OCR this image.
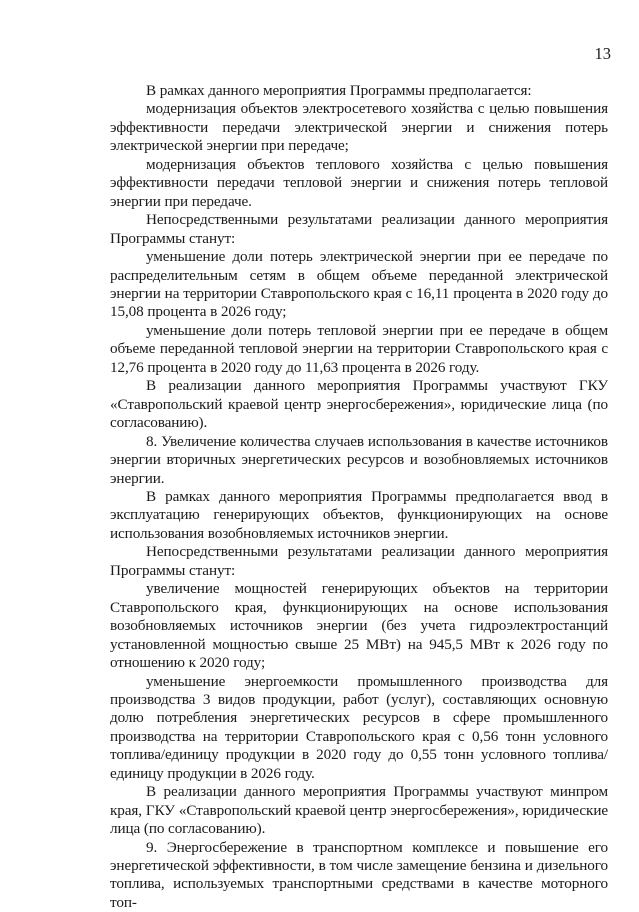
13

В рамках данного мероприятия Программы предполагается:

модернизация объектов электросетевого хозяйства с целью повышения эффективности передачи электрической энергии и снижения потерь электрической энергии при передаче;

модернизация объектов теплового хозяйства с целью повышения эффективности передачи тепловой энергии и снижения потерь тепловой энергии при передаче.

Непосредственными результатами реализации данного мероприятия Программы станут:

уменьшение доли потерь электрической энергии при ее передаче по распределительным сетям в общем объеме переданной электрической энергии на территории Ставропольского края с 16,11 процента в 2020 году до 15,08 процента в 2026 году;

уменьшение доли потерь тепловой энергии при ее передаче в общем объеме переданной тепловой энергии на территории Ставропольского края с 12,76 процента в 2020 году до 11,63 процента в 2026 году.

В реализации данного мероприятия Программы участвуют ГКУ «Ставропольский краевой центр энергосбережения», юридические лица (по согласованию).

8. Увеличение количества случаев использования в качестве источников энергии вторичных энергетических ресурсов и возобновляемых источников энергии.

В рамках данного мероприятия Программы предполагается ввод в эксплуатацию генерирующих объектов, функционирующих на основе использования возобновляемых источников энергии.

Непосредственными результатами реализации данного мероприятия Программы станут:

увеличение мощностей генерирующих объектов на территории Ставропольского края, функционирующих на основе использования возобновляемых источников энергии (без учета гидроэлектростанций установленной мощностью свыше 25 МВт) на 945,5 МВт к 2026 году по отношению к 2020 году;

уменьшение энергоемкости промышленного производства для производства 3 видов продукции, работ (услуг), составляющих основную долю потребления энергетических ресурсов в сфере промышленного производства на территории Ставропольского края с 0,56 тонн условного топлива/единицу продукции в 2020 году до 0,55 тонн условного топлива/единицу продукции в 2026 году.

В реализации данного мероприятия Программы участвуют минпром края, ГКУ «Ставропольский краевой центр энергосбережения», юридические лица (по согласованию).

9. Энергосбережение в транспортном комплексе и повышение его энергетической эффективности, в том числе замещение бензина и дизельного топлива, используемых транспортными средствами в качестве моторного топ-
